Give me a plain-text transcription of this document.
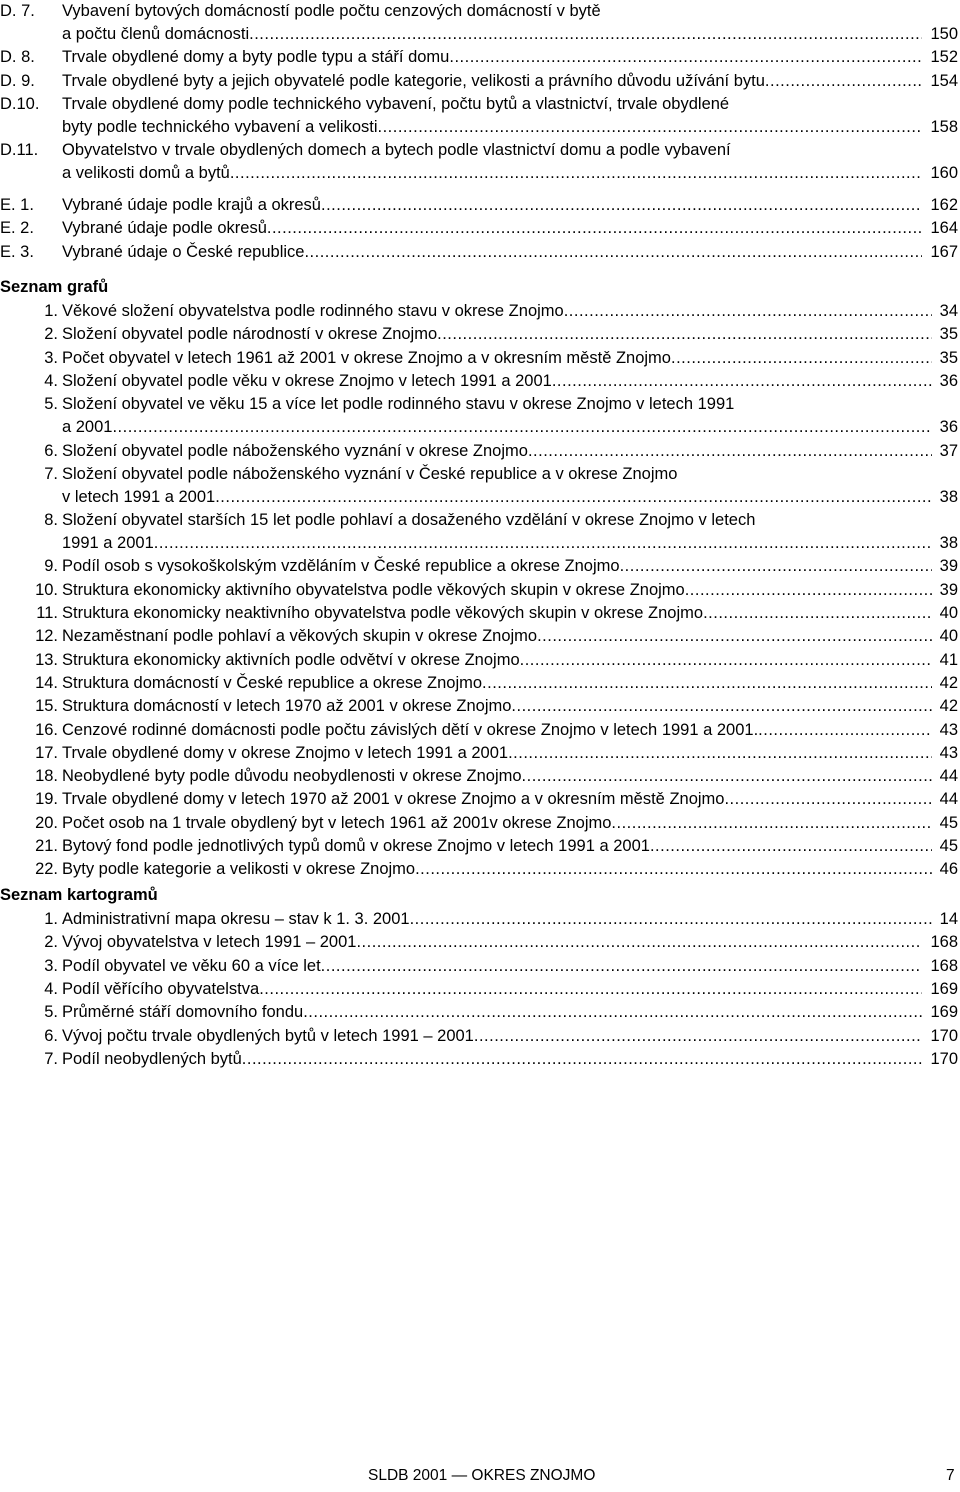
D. 7. Vybavení bytových domácností podle počtu cenzových domácností v bytě
a počtu členů domácnosti .....	150
D. 8. Trvale obydlené domy a byty podle typu a stáří domu .....	152
D. 9. Trvale obydlené byty a jejich obyvatelé podle kategorie, velikosti a právního důvodu užívání bytu .....	154
D.10. Trvale obydlené domy podle technického vybavení, počtu bytů a vlastnictví, trvale obydlené
byty podle technického vybavení a velikosti .....	158
D.11. Obyvatelstvo v trvale obydlených domech a bytech podle vlastnictví domu a podle vybavení
a velikosti domů a bytů .....	160
E. 1. Vybrané údaje podle krajů a okresů .....	162
E. 2. Vybrané údaje podle okresů .....	164
E. 3. Vybrané údaje o České republice .....	167
1. Věkové složení obyvatelstva podle rodinného stavu v okrese Znojmo .....	34
2. Složení obyvatel podle národností v okrese Znojmo .....	35
3. Počet obyvatel v letech 1961 až 2001 v okrese Znojmo a v okresním městě Znojmo .....	35
4. Složení obyvatel podle věku v okrese Znojmo v letech 1991 a 2001 .....	36
5. Složení obyvatel ve věku 15 a více let podle rodinného stavu v okrese Znojmo v letech 1991
a 2001 .....	36
6. Složení obyvatel podle náboženského vyznání v okrese Znojmo .....	37
7. Složení obyvatel podle náboženského vyznání v České republice a v okrese Znojmo
v letech 1991 a 2001 .....	38
8. Složení obyvatel starších 15 let podle pohlaví a dosaženého vzdělání v okrese Znojmo v letech
1991 a 2001 .....	38
9. Podíl osob s vysokoškolským vzděláním v České republice a okrese Znojmo .....	39
10. Struktura ekonomicky aktivního obyvatelstva podle věkových skupin v okrese Znojmo .....	39
11. Struktura ekonomicky neaktivního obyvatelstva podle věkových skupin v okrese Znojmo .....	40
12. Nezaměstnaní podle pohlaví a věkových skupin v okrese Znojmo .....	40
13. Struktura ekonomicky aktivních podle odvětví v okrese Znojmo .....	41
14. Struktura domácností v České republice a okrese Znojmo .....	42
15. Struktura domácností v letech 1970 až 2001 v okrese Znojmo .....	42
16. Cenzové rodinné domácnosti podle počtu závislých dětí v okrese Znojmo v letech 1991 a 2001. .....	43
17. Trvale obydlené domy v okrese Znojmo v letech 1991 a 2001 .....	43
18. Neobydlené byty podle důvodu neobydlenosti v okrese Znojmo .....	44
19. Trvale obydlené domy v letech 1970 až 2001 v okrese Znojmo a v okresním městě Znojmo .....	44
20. Počet osob na 1 trvale obydlený byt v letech 1961 až 2001v okrese Znojmo .....	45
21. Bytový fond podle jednotlivých typů domů v okrese Znojmo v letech 1991 a 2001 .....	45
22. Byty podle kategorie a velikosti v okrese Znojmo .....	46
1. Administrativní mapa okresu – stav k 1. 3. 2001 .....	14
2. Vývoj obyvatelstva v letech 1991 – 2001 .....	168
3. Podíl obyvatel ve věku 60 a více let .....	168
4. Podíl věřícího obyvatelstva .....	169
5. Průměrné stáří domovního fondu .....	169
6. Vývoj počtu trvale obydlených bytů v letech 1991 – 2001 .....	170
7. Podíl neobydlených bytů .....	170
Seznam grafů
Seznam kartogramů
SLDB 2001 — OKRES ZNOJMO	7
